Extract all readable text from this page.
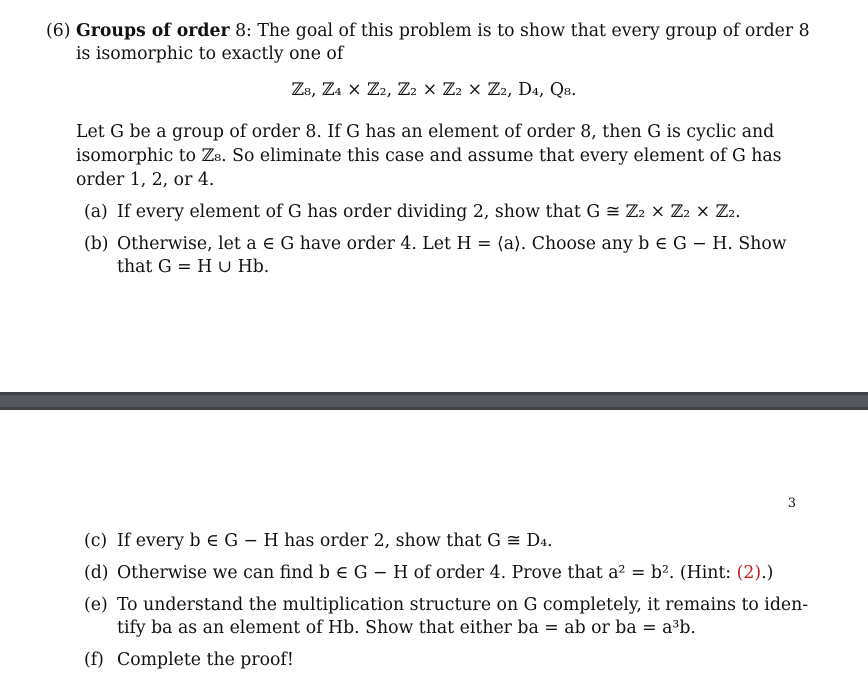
(6) Groups of order 8: The goal of this problem is to show that every group of order 8
is isomorphic to exactly one of
ℤ₈, ℤ₄ × ℤ₂, ℤ₂ × ℤ₂ × ℤ₂, D₄, Q₈.
Let G be a group of order 8. If G has an element of order 8, then G is cyclic and
isomorphic to ℤ₈. So eliminate this case and assume that every element of G has
order 1, 2, or 4.
(a) If every element of G has order dividing 2, show that G ≅ ℤ₂ × ℤ₂ × ℤ₂.
(b) Otherwise, let a ∈ G have order 4. Let H = ⟨a⟩. Choose any b ∈ G − H. Show
that G = H ∪ Hb.
3
(c) If every b ∈ G − H has order 2, show that G ≅ D₄.
(d) Otherwise we can find b ∈ G − H of order 4. Prove that a² = b². (Hint: (2).)
(e) To understand the multiplication structure on G completely, it remains to iden-
tify ba as an element of Hb. Show that either ba = ab or ba = a³b.
(f) Complete the proof!
